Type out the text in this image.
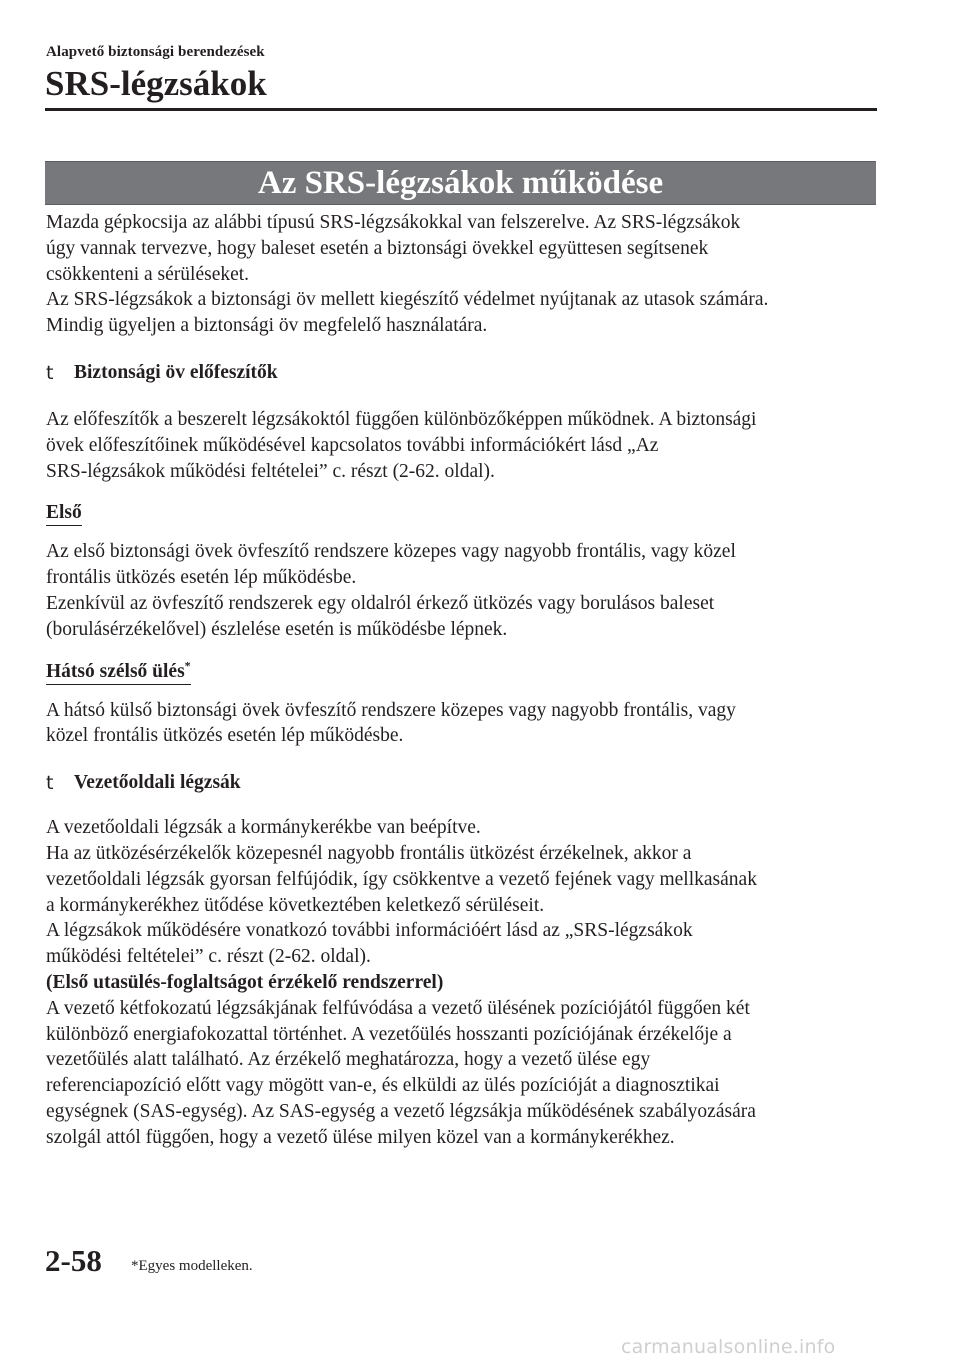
Alapvető biztonsági berendezések
SRS-légzsákok
Az SRS-légzsákok működése

Mazda gépkocsija az alábbi típusú SRS-légzsákokkal van felszerelve. Az SRS-légzsákok

úgy vannak tervezve, hogy baleset esetén a biztonsági övekkel együttesen segítsenek

csökkenteni a sérüléseket.

Az SRS-légzsákok a biztonsági öv mellett kiegészítő védelmet nyújtanak az utasok számára.

Mindig ügyeljen a biztonsági öv megfelelő használatára.

t	Biztonsági öv előfeszítők

Az előfeszítők a beszerelt légzsákoktól függően különbözőképpen működnek. A biztonsági

övek előfeszítőinek működésével kapcsolatos további információkért lásd „Az

SRS-légzsákok működési feltételei” c. részt (2-62. oldal).

Első

Az első biztonsági övek övfeszítő rendszere közepes vagy nagyobb frontális, vagy közel

frontális ütközés esetén lép működésbe.

Ezenkívül az övfeszítő rendszerek egy oldalról érkező ütközés vagy borulásos baleset

(borulásérzékelővel) észlelése esetén is működésbe lépnek.

Hátsó szélső ülés*

A hátsó külső biztonsági övek övfeszítő rendszere közepes vagy nagyobb frontális, vagy

közel frontális ütközés esetén lép működésbe.

t	Vezetőoldali légzsák

A vezetőoldali légzsák a kormánykerékbe van beépítve.

Ha az ütközésérzékelők közepesnél nagyobb frontális ütközést érzékelnek, akkor a

vezetőoldali légzsák gyorsan felfújódik, így csökkentve a vezető fejének vagy mellkasának

a kormánykerékhez ütődése következtében keletkező sérüléseit.

A légzsákok működésére vonatkozó további információért lásd az „SRS-légzsákok

működési feltételei” c. részt (2-62. oldal).

(Első utasülés-foglaltságot érzékelő rendszerrel)

A vezető kétfokozatú légzsákjának felfúvódása a vezető ülésének pozíciójától függően két

különböző energiafokozattal történhet. A vezetőülés hosszanti pozíciójának érzékelője a

vezetőülés alatt található. Az érzékelő meghatározza, hogy a vezető ülése egy

referenciapozíció előtt vagy mögött van-e, és elküldi az ülés pozícióját a diagnosztikai

egységnek (SAS-egység). Az SAS-egység a vezető légzsákja működésének szabályozására

szolgál attól függően, hogy a vezető ülése milyen közel van a kormánykerékhez.

2-58 *Egyes modelleken.
carmanualsonline.info
